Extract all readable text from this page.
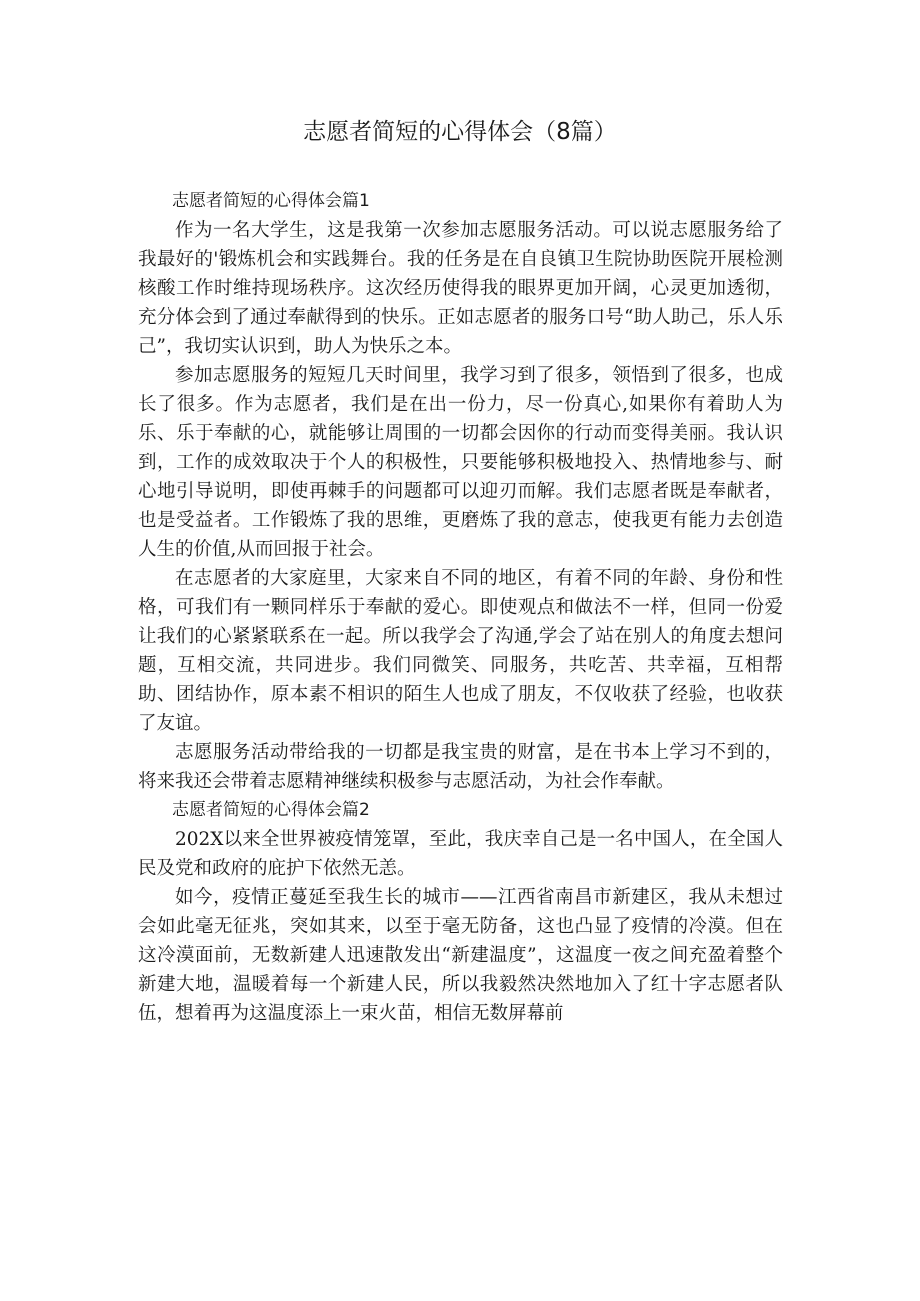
志愿者简短的心得体会（8篇）

志愿者简短的心得体会篇1

作为一名大学生，这是我第一次参加志愿服务活动。可以说志愿服务给了我最好的'锻炼机会和实践舞台。我的任务是在自良镇卫生院协助医院开展检测核酸工作时维持现场秩序。这次经历使得我的眼界更加开阔，心灵更加透彻，充分体会到了通过奉献得到的快乐。正如志愿者的服务口号“助人助己，乐人乐己”，我切实认识到，助人为快乐之本。

参加志愿服务的短短几天时间里，我学习到了很多，领悟到了很多，也成长了很多。作为志愿者，我们是在出一份力，尽一份真心,如果你有着助人为乐、乐于奉献的心，就能够让周围的一切都会因你的行动而变得美丽。我认识到，工作的成效取决于个人的积极性，只要能够积极地投入、热情地参与、耐心地引导说明，即使再棘手的问题都可以迎刃而解。我们志愿者既是奉献者，也是受益者。工作锻炼了我的思维，更磨炼了我的意志，使我更有能力去创造人生的价值,从而回报于社会。

在志愿者的大家庭里，大家来自不同的地区，有着不同的年龄、身份和性格，可我们有一颗同样乐于奉献的爱心。即使观点和做法不一样，但同一份爱让我们的心紧紧联系在一起。所以我学会了沟通,学会了站在别人的角度去想问题，互相交流，共同进步。我们同微笑、同服务，共吃苦、共幸福，互相帮助、团结协作，原本素不相识的陌生人也成了朋友，不仅收获了经验，也收获了友谊。

志愿服务活动带给我的一切都是我宝贵的财富，是在书本上学习不到的，将来我还会带着志愿精神继续积极参与志愿活动，为社会作奉献。

志愿者简短的心得体会篇2

202X以来全世界被疫情笼罩，至此，我庆幸自己是一名中国人，在全国人民及党和政府的庇护下依然无恙。

如今，疫情正蔓延至我生长的城市——江西省南昌市新建区，我从未想过会如此毫无征兆，突如其来，以至于毫无防备，这也凸显了疫情的冷漠。但在这冷漠面前，无数新建人迅速散发出“新建温度”，这温度一夜之间充盈着整个新建大地，温暖着每一个新建人民，所以我毅然决然地加入了红十字志愿者队伍，想着再为这温度添上一束火苗，相信无数屏幕前
